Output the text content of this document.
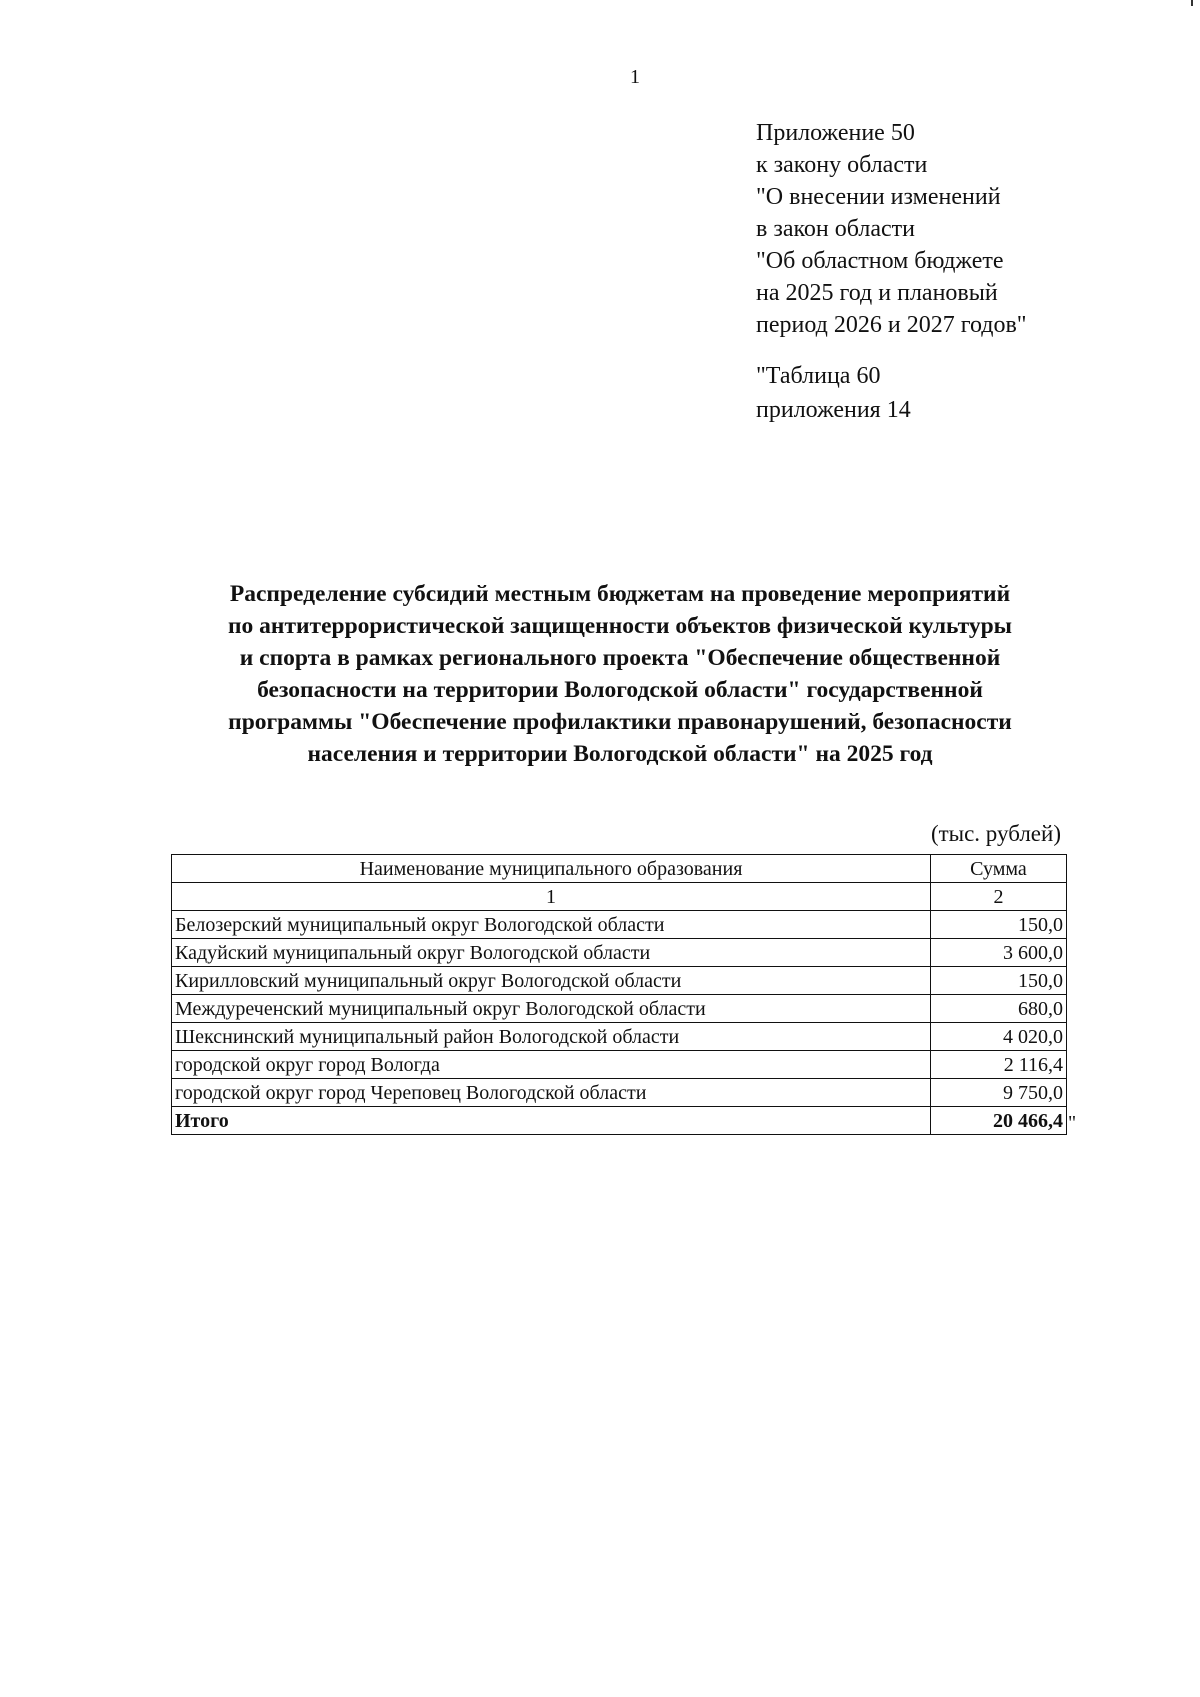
1
Приложение 50
к закону области
"О внесении изменений
в закон области
"Об областном бюджете
на 2025 год и плановый
период 2026 и 2027 годов"
"Таблица 60
приложения 14
Распределение субсидий местным бюджетам на проведение мероприятий
по антитеррористической защищенности объектов физической культуры
и спорта в рамках регионального проекта "Обеспечение общественной
безопасности на территории Вологодской области" государственной
программы "Обеспечение профилактики правонарушений, безопасности
населения и территории Вологодской области" на 2025 год
(тыс. рублей)
Наименование муниципального образования	Сумма
1	2
Белозерский муниципальный округ Вологодской области	150,0
Кадуйский муниципальный округ Вологодской области	3 600,0
Кирилловский муниципальный округ Вологодской области	150,0
Междуреченский муниципальный округ Вологодской области	680,0
Шекснинский муниципальный район Вологодской области	4 020,0
городской округ город Вологда	2 116,4
городской округ город Череповец Вологодской области	9 750,0
Итого	20 466,4 "
